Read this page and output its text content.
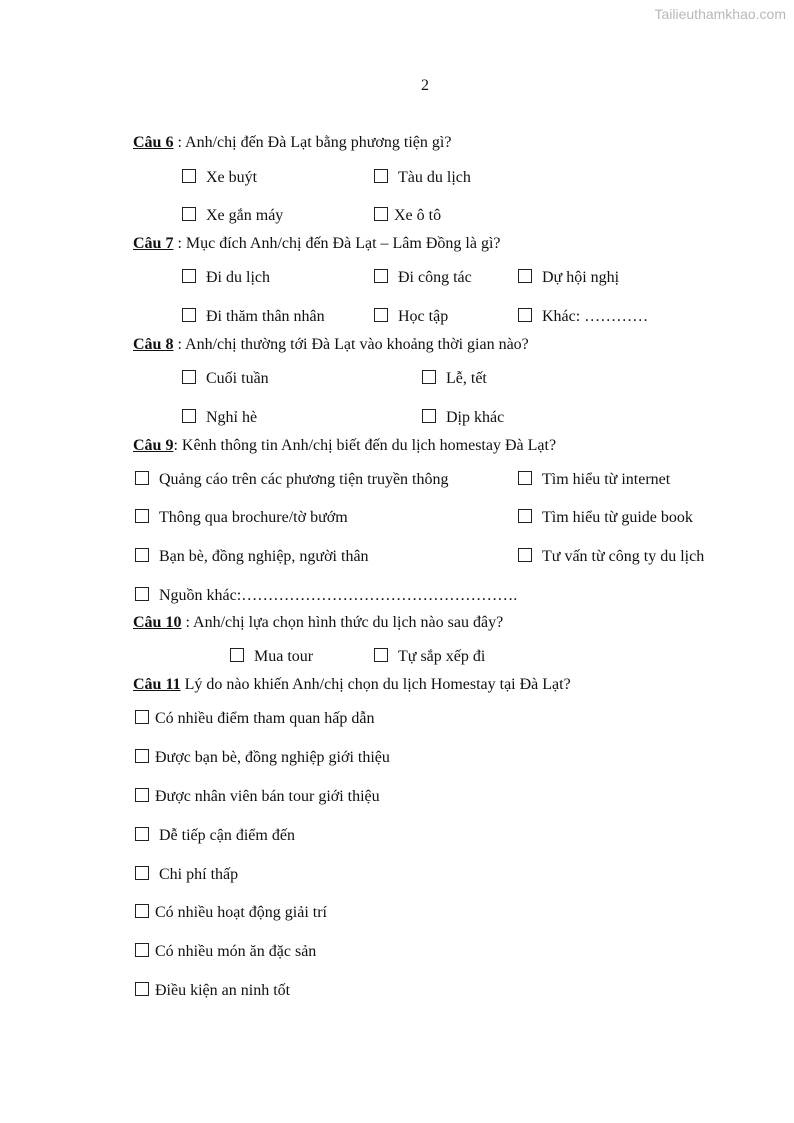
Tailieuthamkhao.com
2
Câu 6 : Anh/chị đến Đà Lạt bằng phương tiện gì?
Xe buýt	Tàu du lịch
Xe gắn máy	Xe ô tô
Câu 7 : Mục đích Anh/chị đến Đà Lạt – Lâm Đồng là gì?
Đi du lịch	Đi công tác	Dự hội nghị
Đi thăm thân nhân	Học tập	Khác: …………
Câu 8 : Anh/chị thường tới Đà Lạt vào khoảng thời gian nào?
Cuối tuần	Lễ, tết
Nghỉ hè	Dịp khác
Câu 9: Kênh thông tin Anh/chị biết đến du lịch homestay Đà Lạt?
Quảng cáo trên các phương tiện truyền thông	Tìm hiểu từ internet
Thông qua brochure/tờ bướm	Tìm hiểu từ guide book
Bạn bè, đồng nghiệp, người thân	Tư vấn từ công ty du lịch
Nguồn khác:…………………………………………….
Câu 10 : Anh/chị lựa chọn hình thức du lịch nào sau đây?
Mua tour	Tự sắp xếp đi
Câu 11 Lý do nào khiến Anh/chị chọn du lịch Homestay tại Đà Lạt?
Có nhiều điểm tham quan hấp dẫn
Được bạn bè, đồng nghiệp giới thiệu
Được nhân viên bán tour giới thiệu
Dễ tiếp cận điểm đến
Chi phí thấp
Có nhiều hoạt động giải trí
Có nhiều món ăn đặc sản
Điều kiện an ninh tốt
